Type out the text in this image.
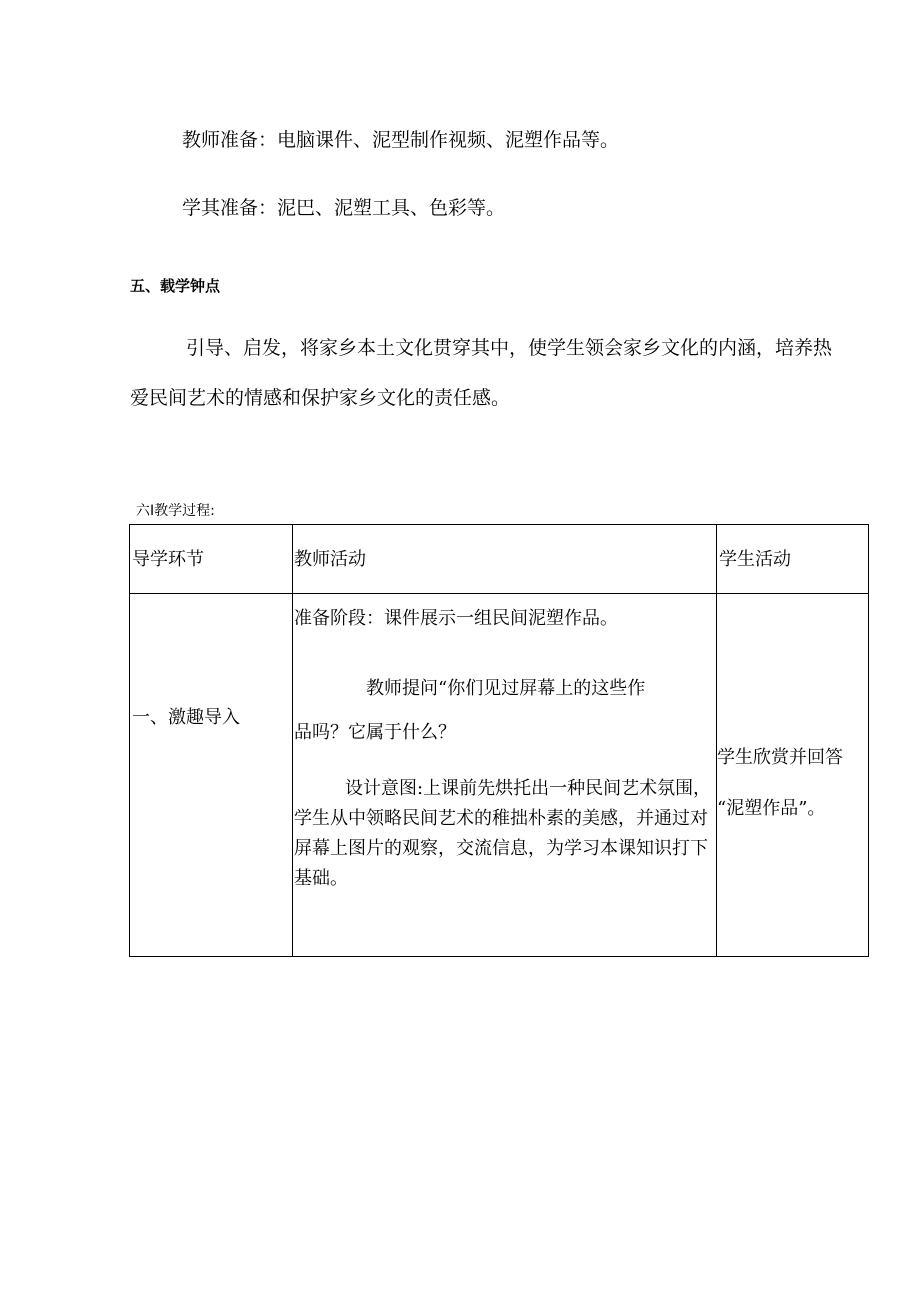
教师准备：电脑课件、泥型制作视频、泥塑作品等。
学其准备：泥巴、泥塑工具、色彩等。
五、载学钟点
引导、启发，将家乡本土文化贯穿其中，使学生领会家乡文化的内涵，培养热
爱民间艺术的情感和保护家乡文化的责任感。
六I教学过程:
导学环节	教师活动	学生活动

一、激趣导入	准备阶段：课件展示一组民间泥塑作品。
教师提问“你们见过屏幕上的这些作
品吗？它属于什么？
设计意图:上课前先烘托出一种民间艺术氛围，学生从中领略民间艺术的稚拙朴素的美感，并通过对屏幕上图片的观察，交流信息，为学习本课知识打下基础。	学生欣赏并回答
“泥塑作品”。
